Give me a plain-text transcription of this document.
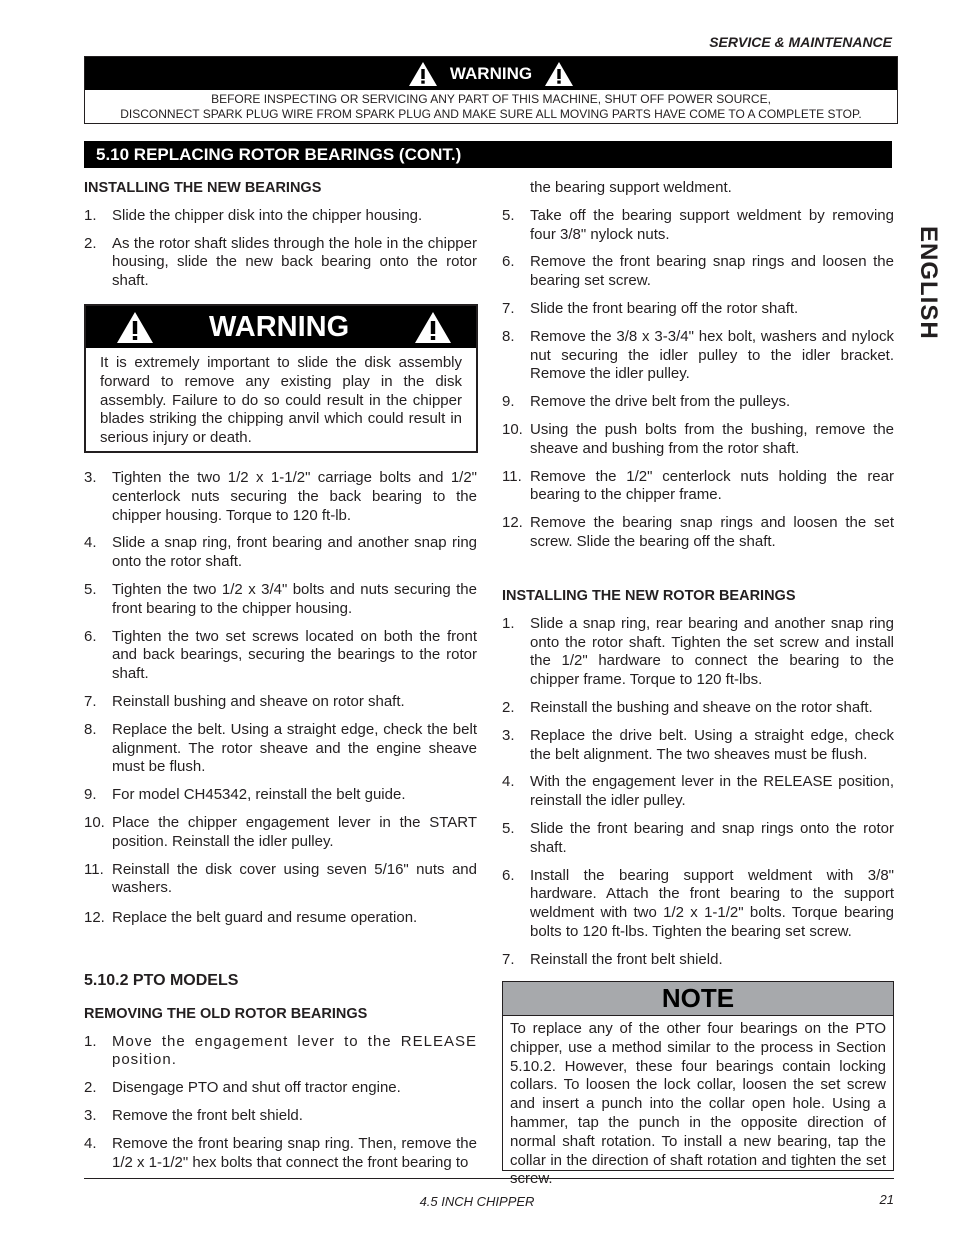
SERVICE & MAINTENANCE
WARNING
BEFORE INSPECTING OR SERVICING ANY PART OF THIS MACHINE, SHUT OFF POWER SOURCE,
DISCONNECT SPARK PLUG WIRE FROM SPARK PLUG AND MAKE SURE ALL MOVING PARTS HAVE COME TO A COMPLETE STOP.
5.10 REPLACING ROTOR BEARINGS (CONT.)
INSTALLING THE NEW BEARINGS
1.	Slide the chipper disk into the chipper housing.
2.	As the rotor shaft slides through the hole in the chipper housing, slide the new back bearing onto the rotor shaft.
WARNING
It is extremely important to slide the disk assembly forward to remove any existing play in the disk assembly. Failure to do so could result in the chipper blades striking the chipping anvil which could result in serious injury or death.
3.	Tighten the two 1/2 x 1-1/2" carriage bolts and 1/2" centerlock nuts securing the back bearing to the chipper housing. Torque to 120 ft-lb.
4.	Slide a snap ring, front bearing and another snap ring onto the rotor shaft.
5.	Tighten the two 1/2 x 3/4" bolts and nuts securing the front bearing to the chipper housing.
6.	Tighten the two set screws located on both the front and back bearings, securing the bearings to the rotor shaft.
7.	Reinstall bushing and sheave on rotor shaft.
8.	Replace the belt. Using a straight edge, check the belt alignment. The rotor sheave and the engine sheave must be flush.
9.	For model CH45342, reinstall the belt guide.
10. Place the chipper engagement lever in the START position. Reinstall the idler pulley.
11. Reinstall the disk cover using seven 5/16" nuts and washers.
12. Replace the belt guard and resume operation.
5.10.2 PTO MODELS
REMOVING THE OLD ROTOR BEARINGS
1.	Move the engagement lever to the RELEASE position.
2.	Disengage PTO and shut off tractor engine.
3.	Remove the front belt shield.
4.	Remove the front bearing snap ring. Then, remove the 1/2 x 1-1/2" hex bolts that connect the front bearing to
the bearing support weldment.
5.	Take off the bearing support weldment by removing four 3/8" nylock nuts.
6.	Remove the front bearing snap rings and loosen the bearing set screw.
7.	Slide the front bearing off the rotor shaft.
8.	Remove the 3/8 x 3-3/4" hex bolt, washers and nylock nut securing the idler pulley to the idler bracket. Remove the idler pulley.
9.	Remove the drive belt from the pulleys.
10. Using the push bolts from the bushing, remove the sheave and bushing from the rotor shaft.
11. Remove the 1/2" centerlock nuts holding the rear bearing to the chipper frame.
12. Remove the bearing snap rings and loosen the set screw. Slide the bearing off the shaft.
INSTALLING THE NEW ROTOR BEARINGS
1.	Slide a snap ring, rear bearing and another snap ring onto the rotor shaft. Tighten the set screw and install the 1/2" hardware to connect the bearing to the chipper frame. Torque to 120 ft-lbs.
2.	Reinstall the bushing and sheave on the rotor shaft.
3.	Replace the drive belt. Using a straight edge, check the belt alignment. The two sheaves must be flush.
4.	With the engagement lever in the RELEASE position, reinstall the idler pulley.
5.	Slide the front bearing and snap rings onto the rotor shaft.
6.	Install the bearing support weldment with 3/8" hardware. Attach the front bearing to the support weldment with two 1/2 x 1-1/2" bolts. Torque bearing bolts to 120 ft-lbs. Tighten the bearing set screw.
7.	Reinstall the front belt shield.
NOTE
To replace any of the other four bearings on the PTO chipper, use a method similar to the process in Section 5.10.2. However, these four bearings contain locking collars. To loosen the lock collar, loosen the set screw and insert a punch into the collar open hole. Using a hammer, tap the punch in the opposite direction of normal shaft rotation. To install a new bearing, tap the collar in the direction of shaft rotation and tighten the set screw.
ENGLISH
4.5 INCH CHIPPER	21
